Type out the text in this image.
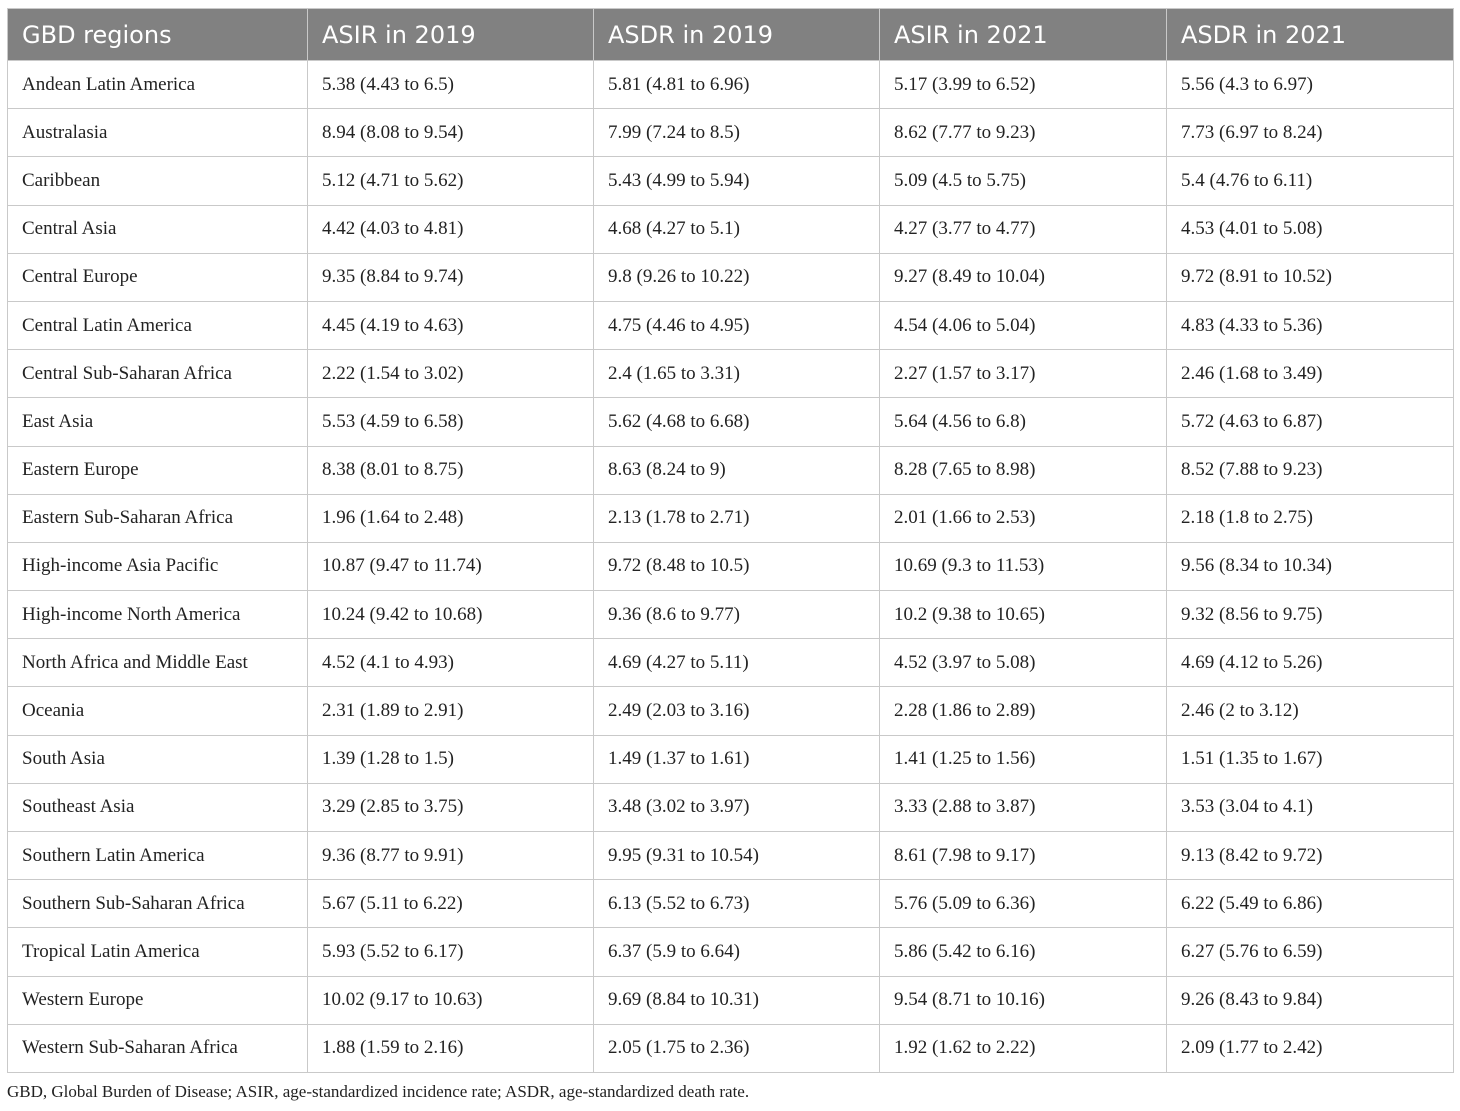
GBD regions	ASIR in 2019	ASDR in 2019	ASIR in 2021	ASDR in 2021
Andean Latin America	5.38 (4.43 to 6.5)	5.81 (4.81 to 6.96)	5.17 (3.99 to 6.52)	5.56 (4.3 to 6.97)
Australasia	8.94 (8.08 to 9.54)	7.99 (7.24 to 8.5)	8.62 (7.77 to 9.23)	7.73 (6.97 to 8.24)
Caribbean	5.12 (4.71 to 5.62)	5.43 (4.99 to 5.94)	5.09 (4.5 to 5.75)	5.4 (4.76 to 6.11)
Central Asia	4.42 (4.03 to 4.81)	4.68 (4.27 to 5.1)	4.27 (3.77 to 4.77)	4.53 (4.01 to 5.08)
Central Europe	9.35 (8.84 to 9.74)	9.8 (9.26 to 10.22)	9.27 (8.49 to 10.04)	9.72 (8.91 to 10.52)
Central Latin America	4.45 (4.19 to 4.63)	4.75 (4.46 to 4.95)	4.54 (4.06 to 5.04)	4.83 (4.33 to 5.36)
Central Sub-Saharan Africa	2.22 (1.54 to 3.02)	2.4 (1.65 to 3.31)	2.27 (1.57 to 3.17)	2.46 (1.68 to 3.49)
East Asia	5.53 (4.59 to 6.58)	5.62 (4.68 to 6.68)	5.64 (4.56 to 6.8)	5.72 (4.63 to 6.87)
Eastern Europe	8.38 (8.01 to 8.75)	8.63 (8.24 to 9)	8.28 (7.65 to 8.98)	8.52 (7.88 to 9.23)
Eastern Sub-Saharan Africa	1.96 (1.64 to 2.48)	2.13 (1.78 to 2.71)	2.01 (1.66 to 2.53)	2.18 (1.8 to 2.75)
High-income Asia Pacific	10.87 (9.47 to 11.74)	9.72 (8.48 to 10.5)	10.69 (9.3 to 11.53)	9.56 (8.34 to 10.34)
High-income North America	10.24 (9.42 to 10.68)	9.36 (8.6 to 9.77)	10.2 (9.38 to 10.65)	9.32 (8.56 to 9.75)
North Africa and Middle East	4.52 (4.1 to 4.93)	4.69 (4.27 to 5.11)	4.52 (3.97 to 5.08)	4.69 (4.12 to 5.26)
Oceania	2.31 (1.89 to 2.91)	2.49 (2.03 to 3.16)	2.28 (1.86 to 2.89)	2.46 (2 to 3.12)
South Asia	1.39 (1.28 to 1.5)	1.49 (1.37 to 1.61)	1.41 (1.25 to 1.56)	1.51 (1.35 to 1.67)
Southeast Asia	3.29 (2.85 to 3.75)	3.48 (3.02 to 3.97)	3.33 (2.88 to 3.87)	3.53 (3.04 to 4.1)
Southern Latin America	9.36 (8.77 to 9.91)	9.95 (9.31 to 10.54)	8.61 (7.98 to 9.17)	9.13 (8.42 to 9.72)
Southern Sub-Saharan Africa	5.67 (5.11 to 6.22)	6.13 (5.52 to 6.73)	5.76 (5.09 to 6.36)	6.22 (5.49 to 6.86)
Tropical Latin America	5.93 (5.52 to 6.17)	6.37 (5.9 to 6.64)	5.86 (5.42 to 6.16)	6.27 (5.76 to 6.59)
Western Europe	10.02 (9.17 to 10.63)	9.69 (8.84 to 10.31)	9.54 (8.71 to 10.16)	9.26 (8.43 to 9.84)
Western Sub-Saharan Africa	1.88 (1.59 to 2.16)	2.05 (1.75 to 2.36)	1.92 (1.62 to 2.22)	2.09 (1.77 to 2.42)
GBD, Global Burden of Disease; ASIR, age-standardized incidence rate; ASDR, age-standardized death rate.
